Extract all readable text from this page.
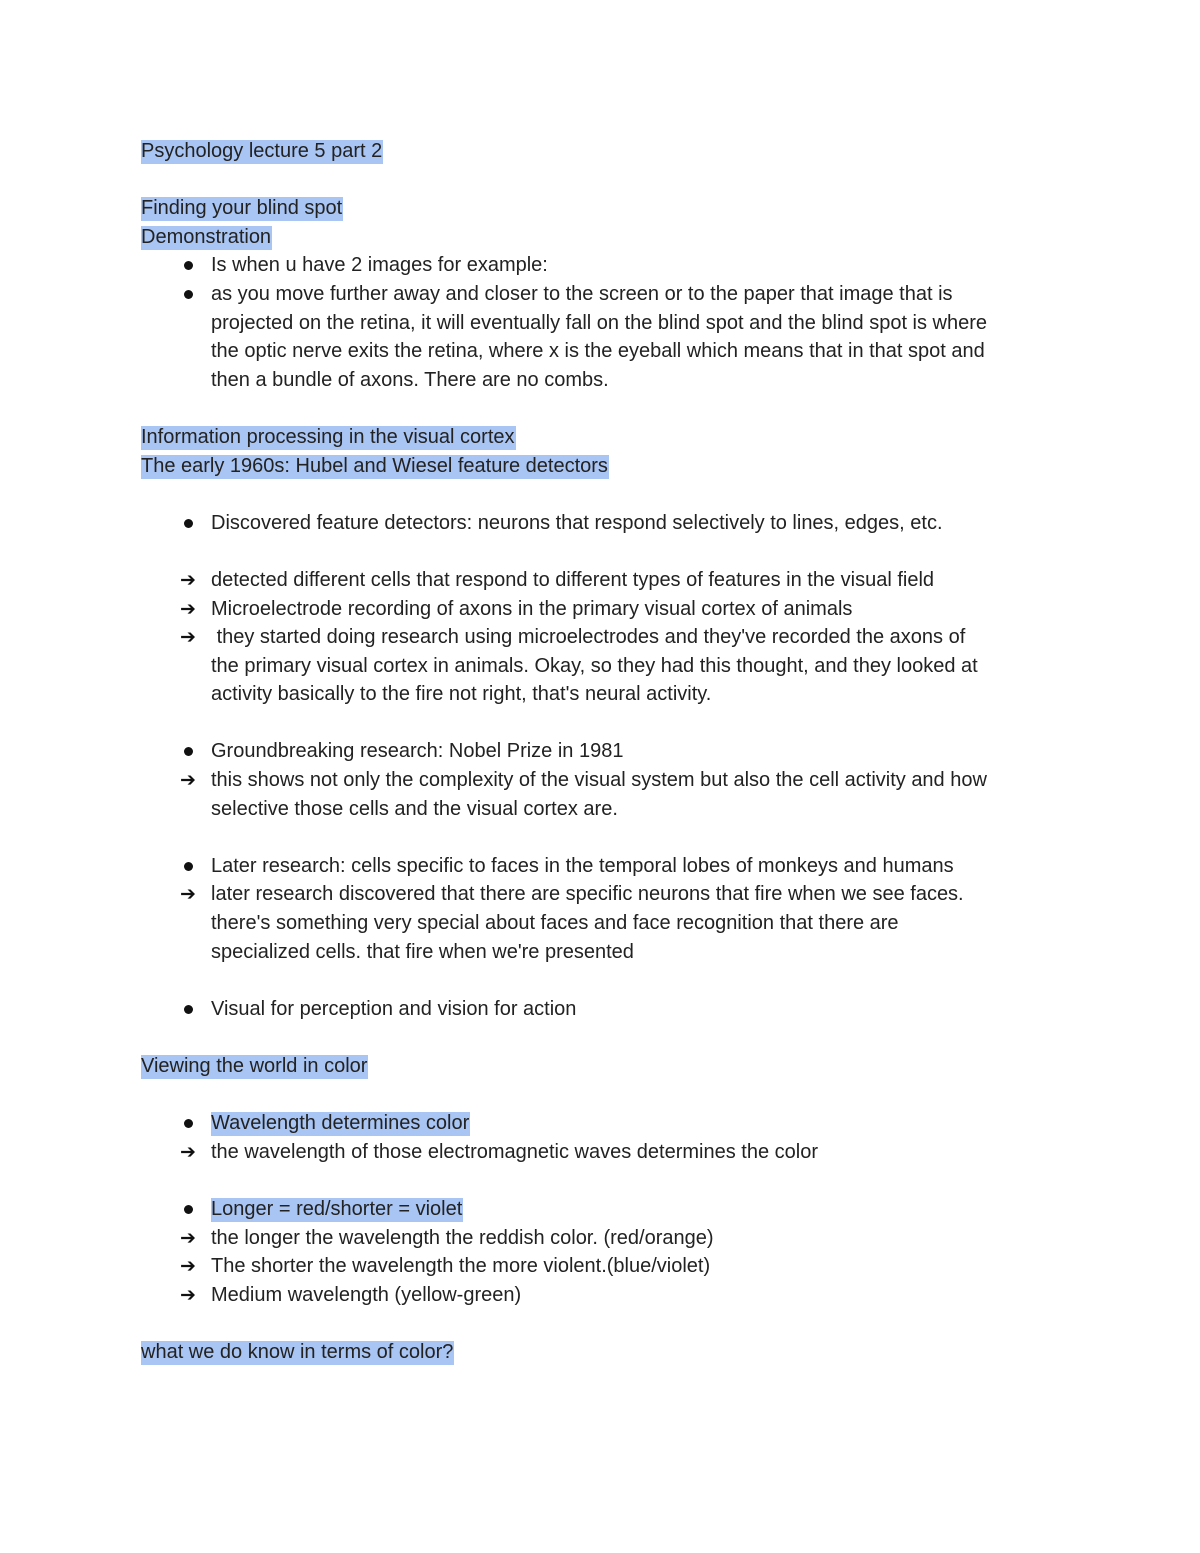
Psychology lecture 5 part 2
Finding your blind spot
Demonstration
Is when u have 2 images for example:
as you move further away and closer to the screen or to the paper that image that is projected on the retina, it will eventually fall on the blind spot and the blind spot is where the optic nerve exits the retina, where x is the eyeball which means that in that spot and then a bundle of axons. There are no combs.
Information processing in the visual cortex
The early 1960s: Hubel and Wiesel feature detectors
Discovered feature detectors: neurons that respond selectively to lines, edges, etc.
➔ detected different cells that respond to different types of features in the visual field
➔ Microelectrode recording of axons in the primary visual cortex of animals
➔ they started doing research using microelectrodes and they've recorded the axons of the primary visual cortex in animals. Okay, so they had this thought, and they looked at activity basically to the fire not right, that's neural activity.
Groundbreaking research: Nobel Prize in 1981
➔ this shows not only the complexity of the visual system but also the cell activity and how selective those cells and the visual cortex are.
Later research: cells specific to faces in the temporal lobes of monkeys and humans
➔ later research discovered that there are specific neurons that fire when we see faces. there's something very special about faces and face recognition that there are specialized cells. that fire when we're presented
Visual for perception and vision for action
Viewing the world in color
Wavelength determines color
➔ the wavelength of those electromagnetic waves determines the color
Longer = red/shorter = violet
➔ the longer the wavelength the reddish color. (red/orange)
➔ The shorter the wavelength the more violent.(blue/violet)
➔ Medium wavelength (yellow-green)
what we do know in terms of color?
